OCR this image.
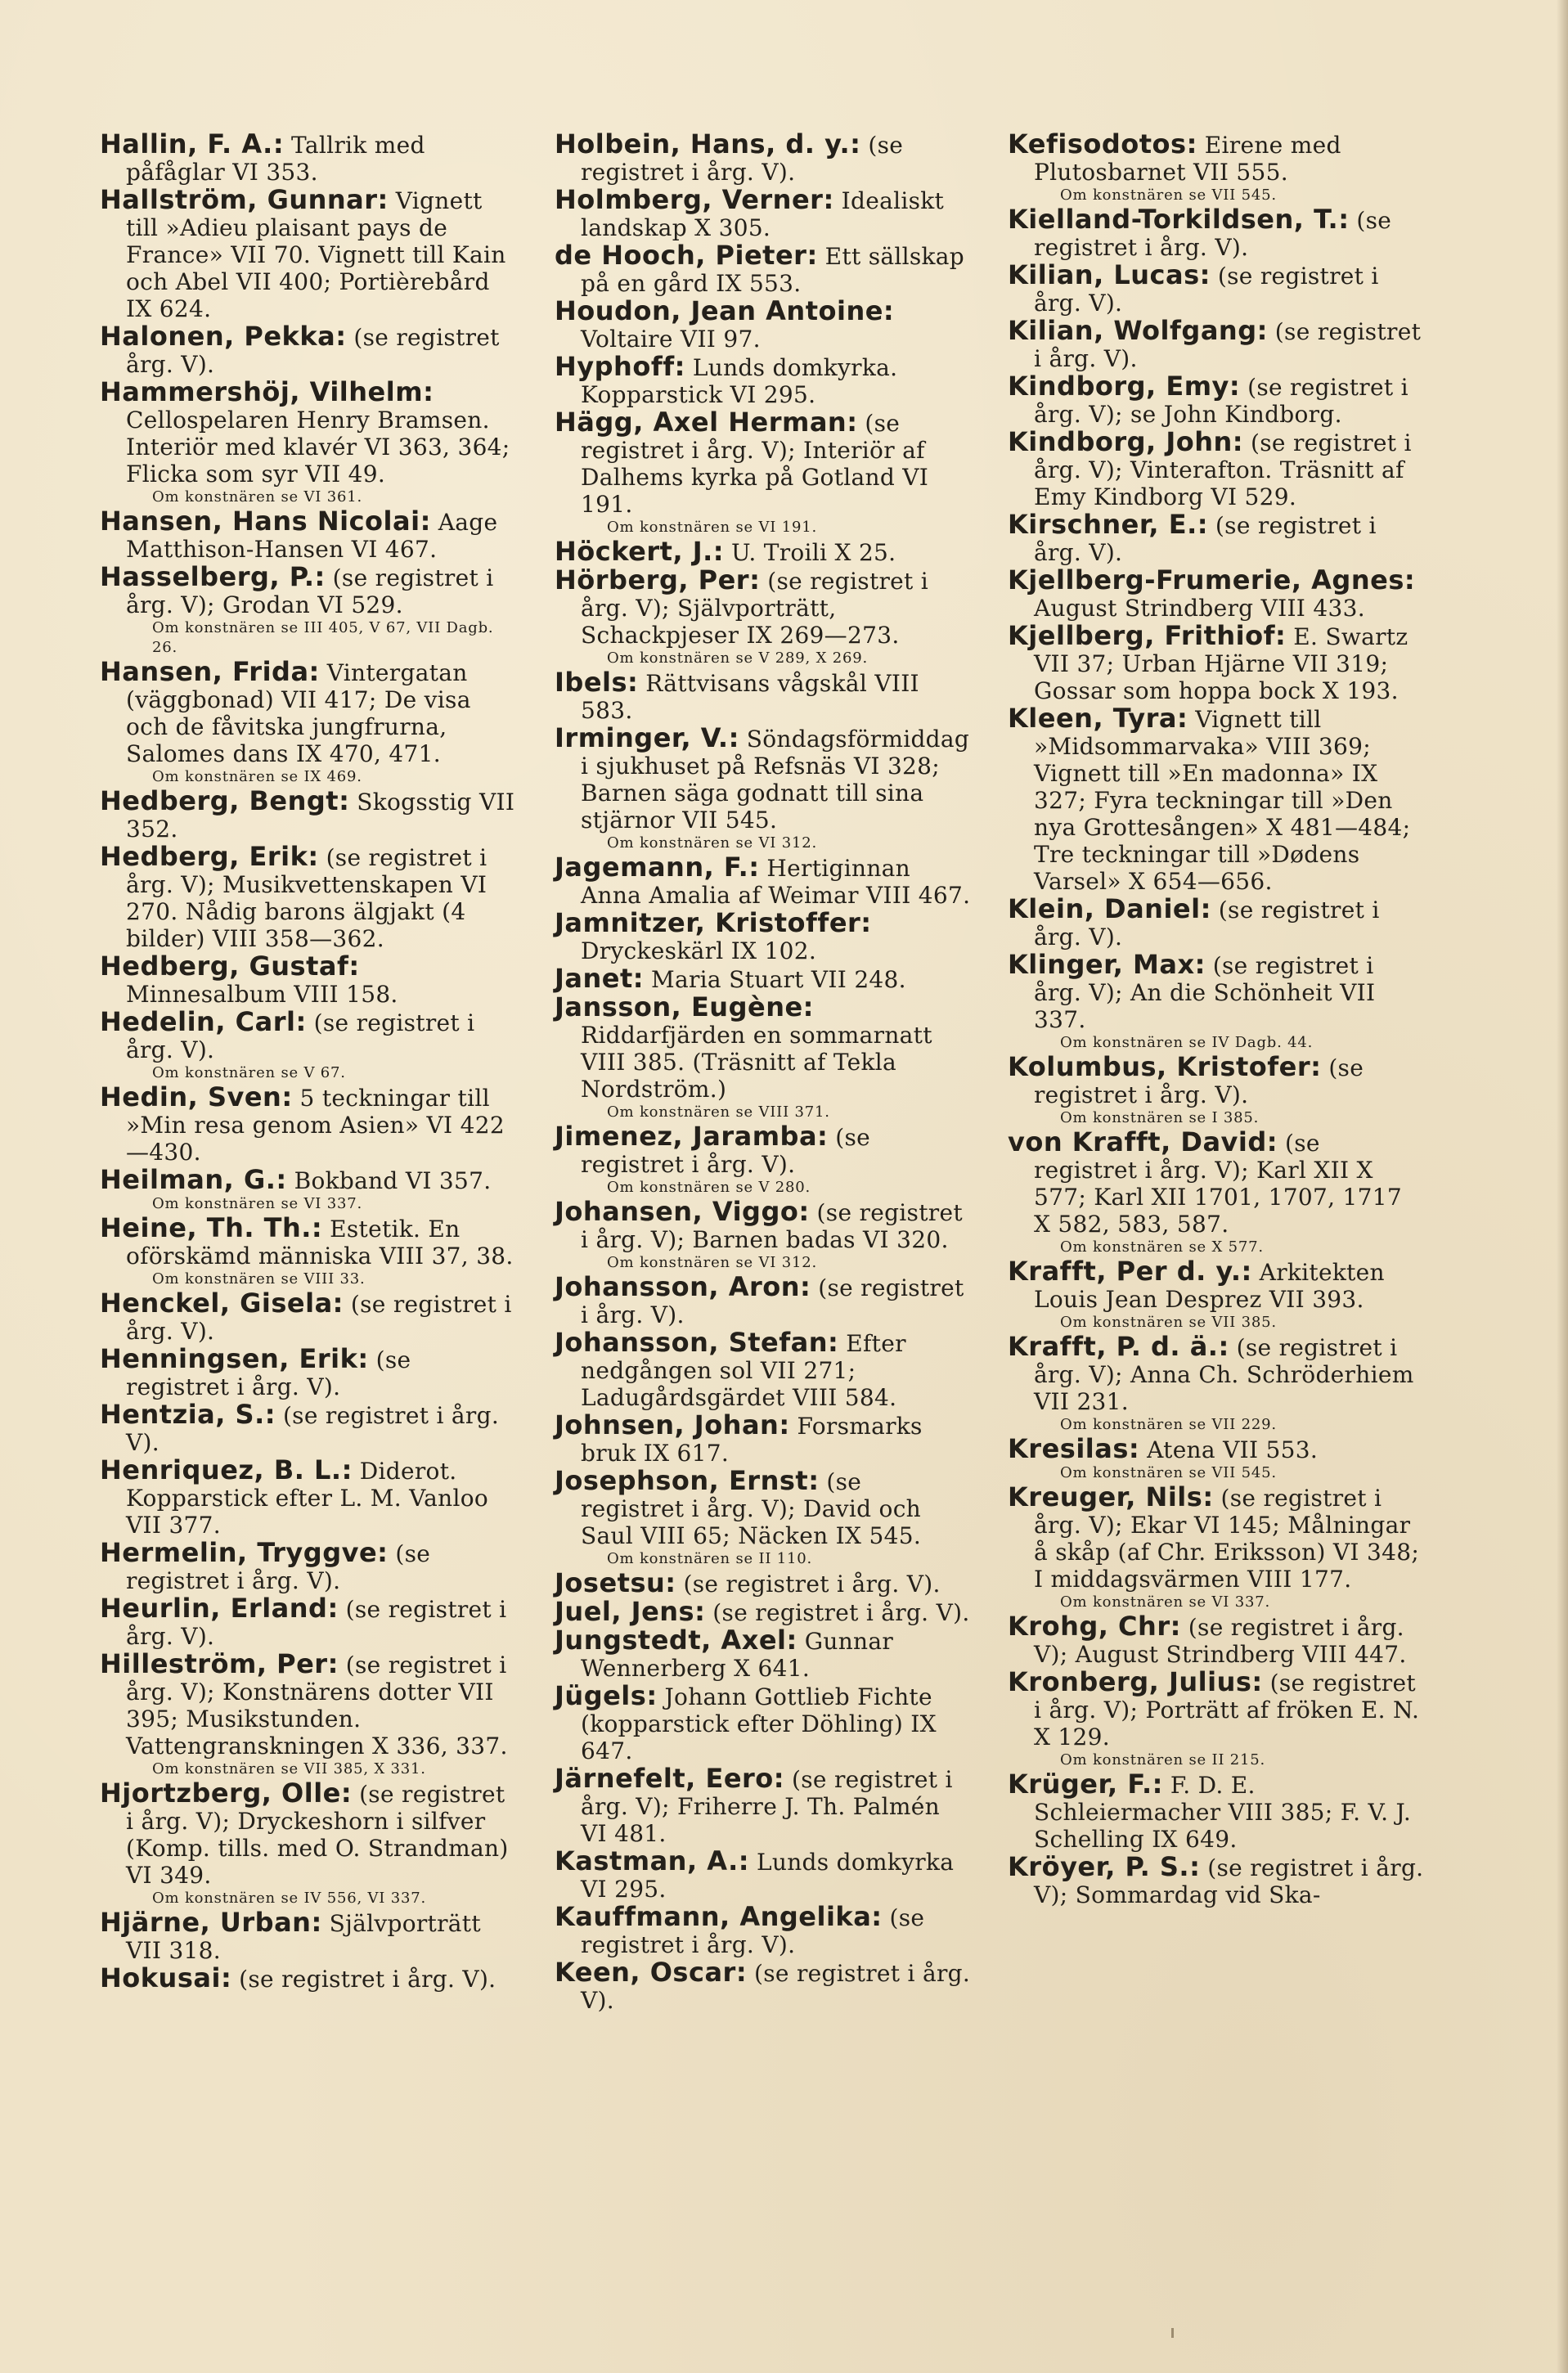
Hallin, F. A.: Tallrik med påfåglar VI 353.
Hallström, Gunnar: Vignett till »Adieu plaisant pays de France» VII 70. Vignett till Kain och Abel VII 400; Portièrebård IX 624.
Halonen, Pekka: (se registret årg. V).
Hammershöj, Vilhelm: Cellospelaren Henry Bramsen. Interiör med klavér VI 363, 364; Flicka som syr VII 49.
Om konstnären se VI 361.
Hansen, Hans Nicolai: Aage Matthison-Hansen VI 467.
Hasselberg, P.: (se registret i årg. V); Grodan VI 529.
Om konstnären se III 405, V 67, VII Dagb. 26.
Hansen, Frida: Vintergatan (väggbonad) VII 417; De visa och de fåvitska jungfrurna, Salomes dans IX 470, 471.
Om konstnären se IX 469.
Hedberg, Bengt: Skogsstig VII 352.
Hedberg, Erik: (se registret i årg. V); Musikvettenskapen VI 270. Nådig barons älgjakt (4 bilder) VIII 358—362.
Hedberg, Gustaf: Minnesalbum VIII 158.
Hedelin, Carl: (se registret i årg. V).
Om konstnären se V 67.
Hedin, Sven: 5 teckningar till »Min resa genom Asien» VI 422—430.
Heilman, G.: Bokband VI 357.
Om konstnären se VI 337.
Heine, Th. Th.: Estetik. En oförskämd människa VIII 37, 38.
Om konstnären se VIII 33.
Henckel, Gisela: (se registret i årg. V).
Henningsen, Erik: (se registret i årg. V).
Hentzia, S.: (se registret i årg. V).
Henriquez, B. L.: Diderot. Kopparstick efter L. M. Vanloo VII 377.
Hermelin, Tryggve: (se registret i årg. V).
Heurlin, Erland: (se registret i årg. V).
Hilleström, Per: (se registret i årg. V); Konstnärens dotter VII 395; Musikstunden. Vattengranskningen X 336, 337.
Om konstnären se VII 385, X 331.
Hjortzberg, Olle: (se registret i årg. V); Dryckeshorn i silfver (Komp. tills. med O. Strandman) VI 349.
Om konstnären se IV 556, VI 337.
Hjärne, Urban: Självporträtt VII 318.
Hokusai: (se registret i årg. V).
Holbein, Hans, d. y.: (se registret i årg. V).
Holmberg, Verner: Idealiskt landskap X 305.
de Hooch, Pieter: Ett sällskap på en gård IX 553.
Houdon, Jean Antoine: Voltaire VII 97.
Hyphoff: Lunds domkyrka. Kopparstick VI 295.
Hägg, Axel Herman: (se registret i årg. V); Interiör af Dalhems kyrka på Gotland VI 191.
Om konstnären se VI 191.
Höckert, J.: U. Troili X 25.
Hörberg, Per: (se registret i årg. V); Självporträtt, Schackpjeser IX 269—273.
Om konstnären se V 289, X 269.
Ibels: Rättvisans vågskål VIII 583.
Irminger, V.: Söndagsförmiddag i sjukhuset på Refsnäs VI 328; Barnen säga godnatt till sina stjärnor VII 545.
Om konstnären se VI 312.
Jagemann, F.: Hertiginnan Anna Amalia af Weimar VIII 467.
Jamnitzer, Kristoffer: Dryckeskärl IX 102.
Janet: Maria Stuart VII 248.
Jansson, Eugène: Riddarfjärden en sommarnatt VIII 385. (Träsnitt af Tekla Nordström.)
Om konstnären se VIII 371.
Jimenez, Jaramba: (se registret i årg. V).
Om konstnären se V 280.
Johansen, Viggo: (se registret i årg. V); Barnen badas VI 320.
Om konstnären se VI 312.
Johansson, Aron: (se registret i årg. V).
Johansson, Stefan: Efter nedgången sol VII 271; Ladugårdsgärdet VIII 584.
Johnsen, Johan: Forsmarks bruk IX 617.
Josephson, Ernst: (se registret i årg. V); David och Saul VIII 65; Näcken IX 545.
Om konstnären se II 110.
Josetsu: (se registret i årg. V).
Juel, Jens: (se registret i årg. V).
Jungstedt, Axel: Gunnar Wennerberg X 641.
Jügels: Johann Gottlieb Fichte (kopparstick efter Döhling) IX 647.
Järnefelt, Eero: (se registret i årg. V); Friherre J. Th. Palmén VI 481.
Kastman, A.: Lunds domkyrka VI 295.
Kauffmann, Angelika: (se registret i årg. V).
Keen, Oscar: (se registret i årg. V).
Kefisodotos: Eirene med Plutosbarnet VII 555.
Om konstnären se VII 545.
Kielland-Torkildsen, T.: (se registret i årg. V).
Kilian, Lucas: (se registret i årg. V).
Kilian, Wolfgang: (se registret i årg. V).
Kindborg, Emy: (se registret i årg. V); se John Kindborg.
Kindborg, John: (se registret i årg. V); Vinterafton. Träsnitt af Emy Kindborg VI 529.
Kirschner, E.: (se registret i årg. V).
Kjellberg-Frumerie, Agnes: August Strindberg VIII 433.
Kjellberg, Frithiof: E. Swartz VII 37; Urban Hjärne VII 319; Gossar som hoppa bock X 193.
Kleen, Tyra: Vignett till »Midsommarvaka» VIII 369; Vignett till »En madonna» IX 327; Fyra teckningar till »Den nya Grottesången» X 481—484; Tre teckningar till »Dødens Varsel» X 654—656.
Klein, Daniel: (se registret i årg. V).
Klinger, Max: (se registret i årg. V); An die Schönheit VII 337.
Om konstnären se IV Dagb. 44.
Kolumbus, Kristofer: (se registret i årg. V).
Om konstnären se I 385.
von Krafft, David: (se registret i årg. V); Karl XII X 577; Karl XII 1701, 1707, 1717 X 582, 583, 587.
Om konstnären se X 577.
Krafft, Per d. y.: Arkitekten Louis Jean Desprez VII 393.
Om konstnären se VII 385.
Krafft, P. d. ä.: (se registret i årg. V); Anna Ch. Schröderhiem VII 231.
Om konstnären se VII 229.
Kresilas: Atena VII 553.
Om konstnären se VII 545.
Kreuger, Nils: (se registret i årg. V); Ekar VI 145; Målningar å skåp (af Chr. Eriksson) VI 348; I middagsvärmen VIII 177.
Om konstnären se VI 337.
Krohg, Chr: (se registret i årg. V); August Strindberg VIII 447.
Kronberg, Julius: (se registret i årg. V); Porträtt af fröken E. N. X 129.
Om konstnären se II 215.
Krüger, F.: F. D. E. Schleiermacher VIII 385; F. V. J. Schelling IX 649.
Kröyer, P. S.: (se registret i årg. V); Sommardag vid Ska-
